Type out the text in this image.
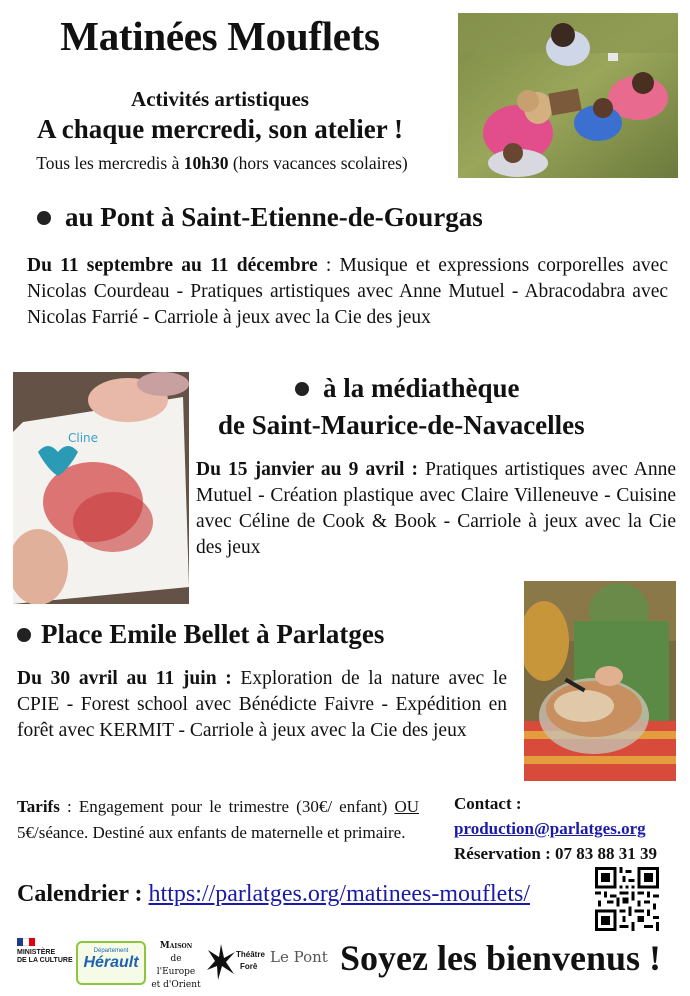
Matinées Mouflets
Activités artistiques
A chaque mercredi, son atelier !
Tous les mercredis à 10h30 (hors vacances scolaires)
au Pont à Saint-Etienne-de-Gourgas
Du 11 septembre au 11 décembre : Musique et expressions corporelles avec Nicolas Courdeau - Pratiques artistiques avec Anne Mutuel - Abracodabra avec Nicolas Farrié - Carriole à jeux avec la Cie des jeux
Cline
à la médiathèque
de Saint-Maurice-de-Navacelles
Du 15 janvier au 9 avril : Pratiques artistiques avec Anne Mutuel - Création plastique avec Claire Villeneuve - Cuisine avec Céline de Cook & Book - Carriole à jeux avec la Cie des jeux
Place Emile Bellet à Parlatges
Du 30 avril au 11 juin : Exploration de la nature avec le CPIE - Forest school avec Bénédicte Faivre - Expédition en forêt avec KERMIT - Carriole à jeux avec la Cie des jeux
Tarifs : Engagement pour le trimestre (30€/ enfant) OU 5€/séance. Destiné aux enfants de maternelle et primaire.
Contact :
production@parlatges.org
Réservation : 07 83 88 31 39
Calendrier : https://parlatges.org/matinees-mouflets/
MINISTÈRE
DE LA CULTURE
Département
Hérault
Maison
de l'Europe
et d'Orient
Théâtre
Forê
Le Pont Soyez les bienvenus !
